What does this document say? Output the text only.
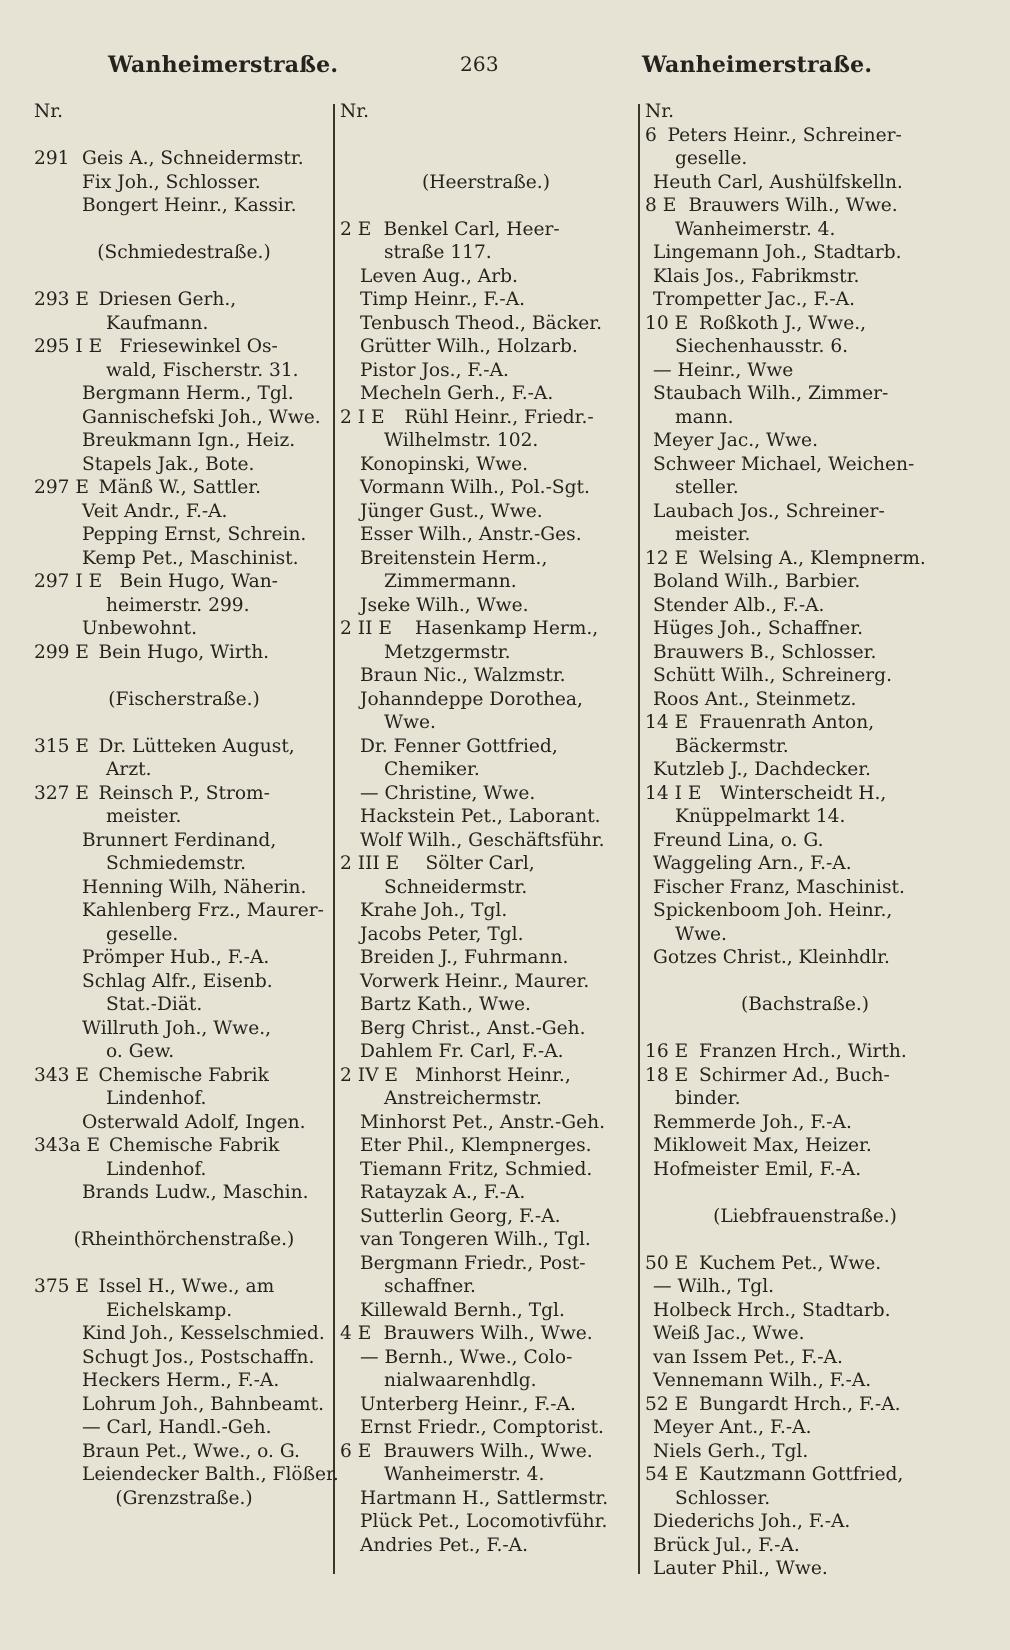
Wanheimerstraße.	263	Wanheimerstraße.
Nr.
291 Geis A., Schneidermstr.
Fix Joh., Schlosser.
Bongert Heinr., Kassir.
(Schmiedestraße.)
293 E Driesen Gerh.,
Kaufmann.
295 I E Friesewinkel Os-
wald, Fischerstr. 31.
Bergmann Herm., Tgl.
Gannischefski Joh., Wwe.
Breukmann Ign., Heiz.
Stapels Jak., Bote.
297 E Mänß W., Sattler.
Veit Andr., F.-A.
Pepping Ernst, Schrein.
Kemp Pet., Maschinist.
297 I E Bein Hugo, Wan-
heimerstr. 299.
Unbewohnt.
299 E Bein Hugo, Wirth.
(Fischerstraße.)
315 E Dr. Lütteken August,
Arzt.
327 E Reinsch P., Strom-
meister.
Brunnert Ferdinand,
Schmiedemstr.
Henning Wilh, Näherin.
Kahlenberg Frz., Maurer-
geselle.
Prömper Hub., F.-A.
Schlag Alfr., Eisenb.
Stat.-Diät.
Willruth Joh., Wwe.,
o. Gew.
343 E Chemische Fabrik
Lindenhof.
Osterwald Adolf, Ingen.
343a E Chemische Fabrik
Lindenhof.
Brands Ludw., Maschin.
(Rheinthörchenstraße.)
375 E Issel H., Wwe., am
Eichelskamp.
Kind Joh., Kesselschmied.
Schugt Jos., Postschaffn.
Heckers Herm., F.-A.
Lohrum Joh., Bahnbeamt.
— Carl, Handl.-Geh.
Braun Pet., Wwe., o. G.
Leiendecker Balth., Flößer.
(Grenzstraße.)
Nr.
(Heerstraße.)
2 E Benkel Carl, Heer-
straße 117.
Leven Aug., Arb.
Timp Heinr., F.-A.
Tenbusch Theod., Bäcker.
Grütter Wilh., Holzarb.
Pistor Jos., F.-A.
Mecheln Gerh., F.-A.
2 I E Rühl Heinr., Friedr.-
Wilhelmstr. 102.
Konopinski, Wwe.
Vormann Wilh., Pol.-Sgt.
Jünger Gust., Wwe.
Esser Wilh., Anstr.-Ges.
Breitenstein Herm.,
Zimmermann.
Jseke Wilh., Wwe.
2 II E Hasenkamp Herm.,
Metzgermstr.
Braun Nic., Walzmstr.
Johanndeppe Dorothea,
Wwe.
Dr. Fenner Gottfried,
Chemiker.
— Christine, Wwe.
Hackstein Pet., Laborant.
Wolf Wilh., Geschäftsführ.
2 III E Sölter Carl,
Schneidermstr.
Krahe Joh., Tgl.
Jacobs Peter, Tgl.
Breiden J., Fuhrmann.
Vorwerk Heinr., Maurer.
Bartz Kath., Wwe.
Berg Christ., Anst.-Geh.
Dahlem Fr. Carl, F.-A.
2 IV E Minhorst Heinr.,
Anstreichermstr.
Minhorst Pet., Anstr.-Geh.
Eter Phil., Klempnerges.
Tiemann Fritz, Schmied.
Ratayzak A., F.-A.
Sutterlin Georg, F.-A.
van Tongeren Wilh., Tgl.
Bergmann Friedr., Post-
schaffner.
Killewald Bernh., Tgl.
4 E Brauwers Wilh., Wwe.
— Bernh., Wwe., Colo-
nialwaarenhdlg.
Unterberg Heinr., F.-A.
Ernst Friedr., Comptorist.
6 E Brauwers Wilh., Wwe.
Wanheimerstr. 4.
Hartmann H., Sattlermstr.
Plück Pet., Locomotivführ.
Andries Pet., F.-A.
Nr.
6 Peters Heinr., Schreiner-
geselle.
Heuth Carl, Aushülfskelln.
8 E Brauwers Wilh., Wwe.
Wanheimerstr. 4.
Lingemann Joh., Stadtarb.
Klais Jos., Fabrikmstr.
Trompetter Jac., F.-A.
10 E Roßkoth J., Wwe.,
Siechenhausstr. 6.
— Heinr., Wwe
Staubach Wilh., Zimmer-
mann.
Meyer Jac., Wwe.
Schweer Michael, Weichen-
steller.
Laubach Jos., Schreiner-
meister.
12 E Welsing A., Klempnerm.
Boland Wilh., Barbier.
Stender Alb., F.-A.
Hüges Joh., Schaffner.
Brauwers B., Schlosser.
Schütt Wilh., Schreinerg.
Roos Ant., Steinmetz.
14 E Frauenrath Anton,
Bäckermstr.
Kutzleb J., Dachdecker.
14 I E Winterscheidt H.,
Knüppelmarkt 14.
Freund Lina, o. G.
Waggeling Arn., F.-A.
Fischer Franz, Maschinist.
Spickenboom Joh. Heinr.,
Wwe.
Gotzes Christ., Kleinhdlr.
(Bachstraße.)
16 E Franzen Hrch., Wirth.
18 E Schirmer Ad., Buch-
binder.
Remmerde Joh., F.-A.
Mikloweit Max, Heizer.
Hofmeister Emil, F.-A.
(Liebfrauenstraße.)
50 E Kuchem Pet., Wwe.
— Wilh., Tgl.
Holbeck Hrch., Stadtarb.
Weiß Jac., Wwe.
van Issem Pet., F.-A.
Vennemann Wilh., F.-A.
52 E Bungardt Hrch., F.-A.
Meyer Ant., F.-A.
Niels Gerh., Tgl.
54 E Kautzmann Gottfried,
Schlosser.
Diederichs Joh., F.-A.
Brück Jul., F.-A.
Lauter Phil., Wwe.
